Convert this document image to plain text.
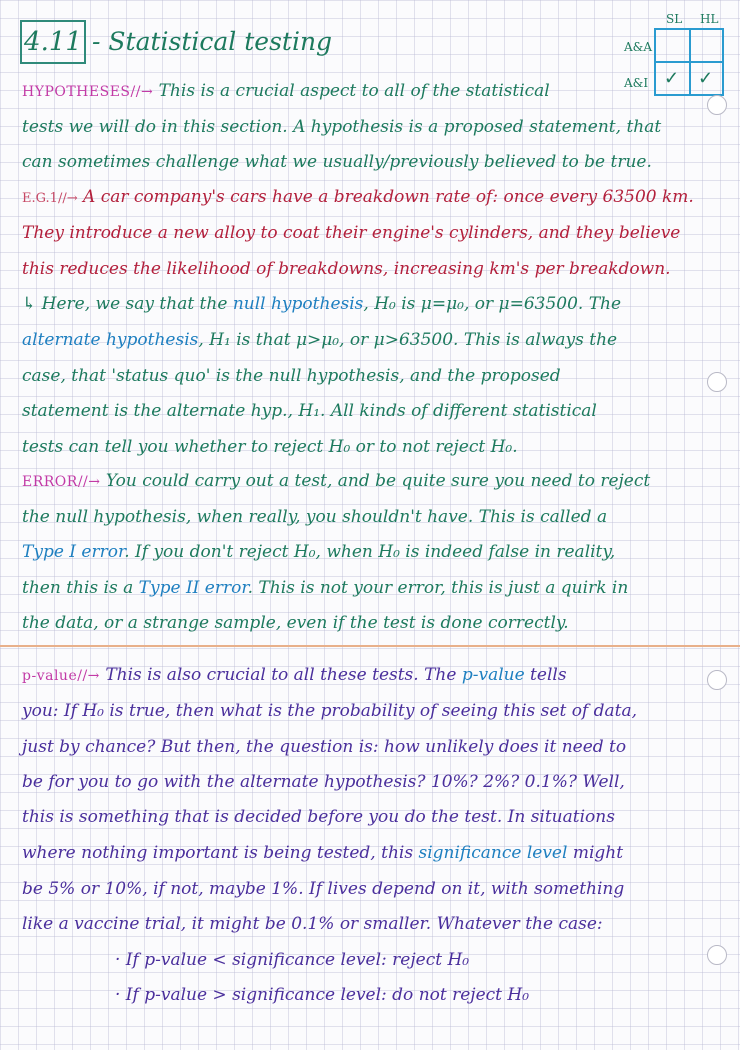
4.11 - Statistical testing
SL HL
A&A
A&I ✓ ✓
HYPOTHESES//→ This is a crucial aspect to all of the statistical
tests we will do in this section. A hypothesis is a proposed statement, that
can sometimes challenge what we usually/previously believed to be true.
E.G.1//→ A car company's cars have a breakdown rate of: once every 63500 km.
They introduce a new alloy to coat their engine's cylinders, and they believe
this reduces the likelihood of breakdowns, increasing km's per breakdown.
↳ Here, we say that the null hypothesis, H₀ is μ=μ₀, or μ=63500. The
alternate hypothesis, H₁ is that μ>μ₀, or μ>63500. This is always the
case, that 'status quo' is the null hypothesis, and the proposed
statement is the alternate hyp., H₁. All kinds of different statistical
tests can tell you whether to reject H₀ or to not reject H₀.
ERROR//→ You could carry out a test, and be quite sure you need to reject
the null hypothesis, when really, you shouldn't have. This is called a
Type I error. If you don't reject H₀, when H₀ is indeed false in reality,
then this is a Type II error. This is not your error, this is just a quirk in
the data, or a strange sample, even if the test is done correctly.
p-value//→ This is also crucial to all these tests. The p-value tells
you: If H₀ is true, then what is the probability of seeing this set of data,
just by chance? But then, the question is: how unlikely does it need to
be for you to go with the alternate hypothesis? 10%? 2%? 0.1%? Well,
this is something that is decided before you do the test. In situations
where nothing important is being tested, this significance level might
be 5% or 10%, if not, maybe 1%. If lives depend on it, with something
like a vaccine trial, it might be 0.1% or smaller. Whatever the case:
· If p-value < significance level: reject H₀
· If p-value > significance level: do not reject H₀
